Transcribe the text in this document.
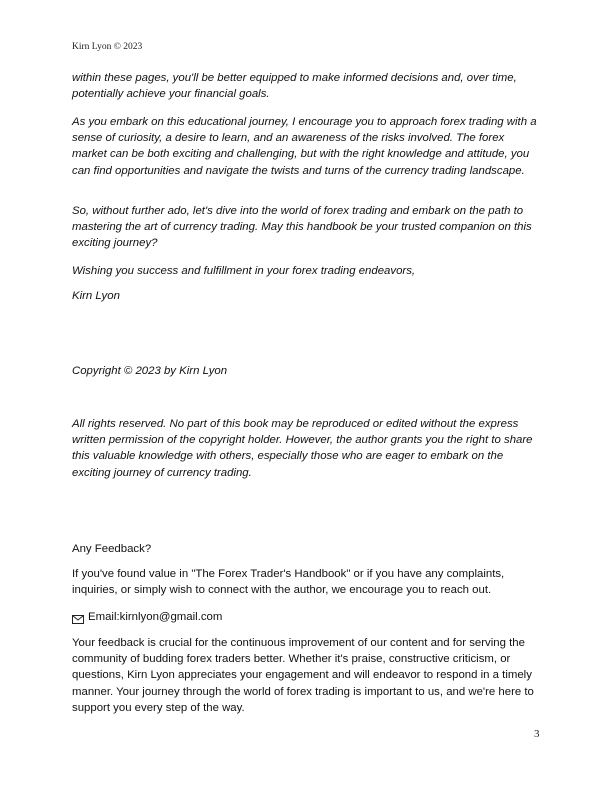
Kirn Lyon © 2023

within these pages, you'll be better equipped to make informed decisions and, over time, potentially achieve your financial goals.

As you embark on this educational journey, I encourage you to approach forex trading with a sense of curiosity, a desire to learn, and an awareness of the risks involved. The forex market can be both exciting and challenging, but with the right knowledge and attitude, you can find opportunities and navigate the twists and turns of the currency trading landscape.

So, without further ado, let's dive into the world of forex trading and embark on the path to mastering the art of currency trading. May this handbook be your trusted companion on this exciting journey?

Wishing you success and fulfillment in your forex trading endeavors,

Kirn Lyon

Copyright © 2023 by Kirn Lyon

All rights reserved. No part of this book may be reproduced or edited without the express written permission of the copyright holder. However, the author grants you the right to share this valuable knowledge with others, especially those who are eager to embark on the exciting journey of currency trading.

Any Feedback?

If you've found value in "The Forex Trader's Handbook" or if you have any complaints, inquiries, or simply wish to connect with the author, we encourage you to reach out.

Email:kirnlyon@gmail.com

Your feedback is crucial for the continuous improvement of our content and for serving the community of budding forex traders better. Whether it's praise, constructive criticism, or questions, Kirn Lyon appreciates your engagement and will endeavor to respond in a timely manner. Your journey through the world of forex trading is important to us, and we're here to support you every step of the way.

3
